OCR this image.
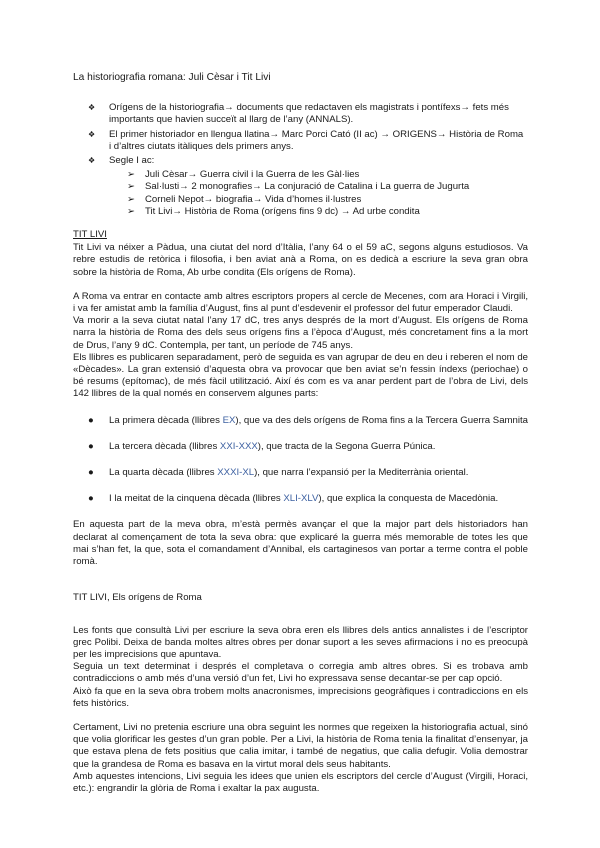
La historiografia romana: Juli Cèsar i Tit Livi
❖ Orígens de la historiografia→ documents que redactaven els magistrats i pontífexs→ fets més importants que havien succeït al llarg de l’any (ANNALS).
❖ El primer historiador en llengua llatina→ Marc Porci Cató (II ac) → ORIGENS→ Història de Roma i d’altres ciutats itàliques dels primers anys.
❖ Segle I ac:
➢ Juli Cèsar→ Guerra civil i la Guerra de les Gàl·lies
➢ Sal·lusti→ 2 monografies→ La conjuració de Catalina i La guerra de Jugurta
➢ Corneli Nepot→ biografia→ Vida d’homes il·lustres
➢ Tit Livi→ Història de Roma (orígens fins 9 dc) → Ad urbe condita
TIT LIVI

Tit Livi va néixer a Pàdua, una ciutat del nord d’Itàlia, l’any 64 o el 59 aC, segons alguns estudiosos. Va rebre estudis de retòrica i filosofia, i ben aviat anà a Roma, on es dedicà a escriure la seva gran obra sobre la història de Roma, Ab urbe condita (Els orígens de Roma).

A Roma va entrar en contacte amb altres escriptors propers al cercle de Mecenes, com ara Horaci i Virgili, i va fer amistat amb la família d’August, fins al punt d’esdevenir el professor del futur emperador Claudi.

Va morir a la seva ciutat natal l’any 17 dC, tres anys després de la mort d’August. Els orígens de Roma narra la història de Roma des dels seus orígens fins a l’època d’August, més concretament fins a la mort de Drus, l’any 9 dC. Contempla, per tant, un període de 745 anys.

Els llibres es publicaren separadament, però de seguida es van agrupar de deu en deu i reberen el nom de «Dècades». La gran extensió d’aquesta obra va provocar que ben aviat se’n fessin índexs (periochae) o bé resums (epítomac), de més fàcil utilització. Així és com es va anar perdent part de l’obra de Livi, dels 142 llibres de la qual només en conservem algunes parts:

● La primera dècada (llibres EX), que va des dels orígens de Roma fins a la Tercera Guerra Samnita
● La tercera dècada (llibres XXI-XXX), que tracta de la Segona Guerra Púnica.
● La quarta dècada (llibres XXXI-XL), que narra l’expansió per la Mediterrània oriental.
● I la meitat de la cinquena dècada (llibres XLI-XLV), que explica la conquesta de Macedònia.

En aquesta part de la meva obra, m’està permès avançar el que la major part dels historiadors han declarat al començament de tota la seva obra: que explicaré la guerra més memorable de totes les que mai s’han fet, la que, sota el comandament d’Annibal, els cartaginesos van portar a terme contra el poble romà.

TIT LIVI, Els orígens de Roma

Les fonts que consultà Livi per escriure la seva obra eren els llibres dels antics annalistes i de l’escriptor grec Polibi. Deixa de banda moltes altres obres per donar suport a les seves afirmacions i no es preocupà per les imprecisions que apuntava.

Seguia un text determinat i després el completava o corregia amb altres obres. Si es trobava amb contradiccions o amb més d’una versió d’un fet, Livi ho expressava sense decantar-se per cap opció.

Això fa que en la seva obra trobem molts anacronismes, imprecisions geogràfiques i contradiccions en els fets històrics.

Certament, Livi no pretenia escriure una obra seguint les normes que regeixen la historiografia actual, sinó que volia glorificar les gestes d’un gran poble. Per a Livi, la història de Roma tenia la finalitat d’ensenyar, ja que estava plena de fets positius que calia imitar, i també de negatius, que calia defugir. Volia demostrar que la grandesa de Roma es basava en la virtut moral dels seus habitants.

Amb aquestes intencions, Livi seguia les idees que unien els escriptors del cercle d’August (Virgili, Horaci, etc.): engrandir la glòria de Roma i exaltar la pax augusta.
